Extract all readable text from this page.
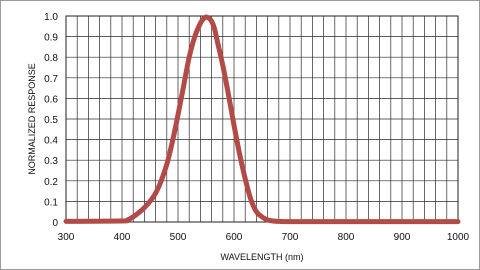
0
0.1
0.2
0.3
0.4
0.5
0.6
0.7
0.8
0.9
1.0
300	400	500	600	700	800	900	1000
NORMALIZED RESPONSE
WAVELENGTH (nm)
